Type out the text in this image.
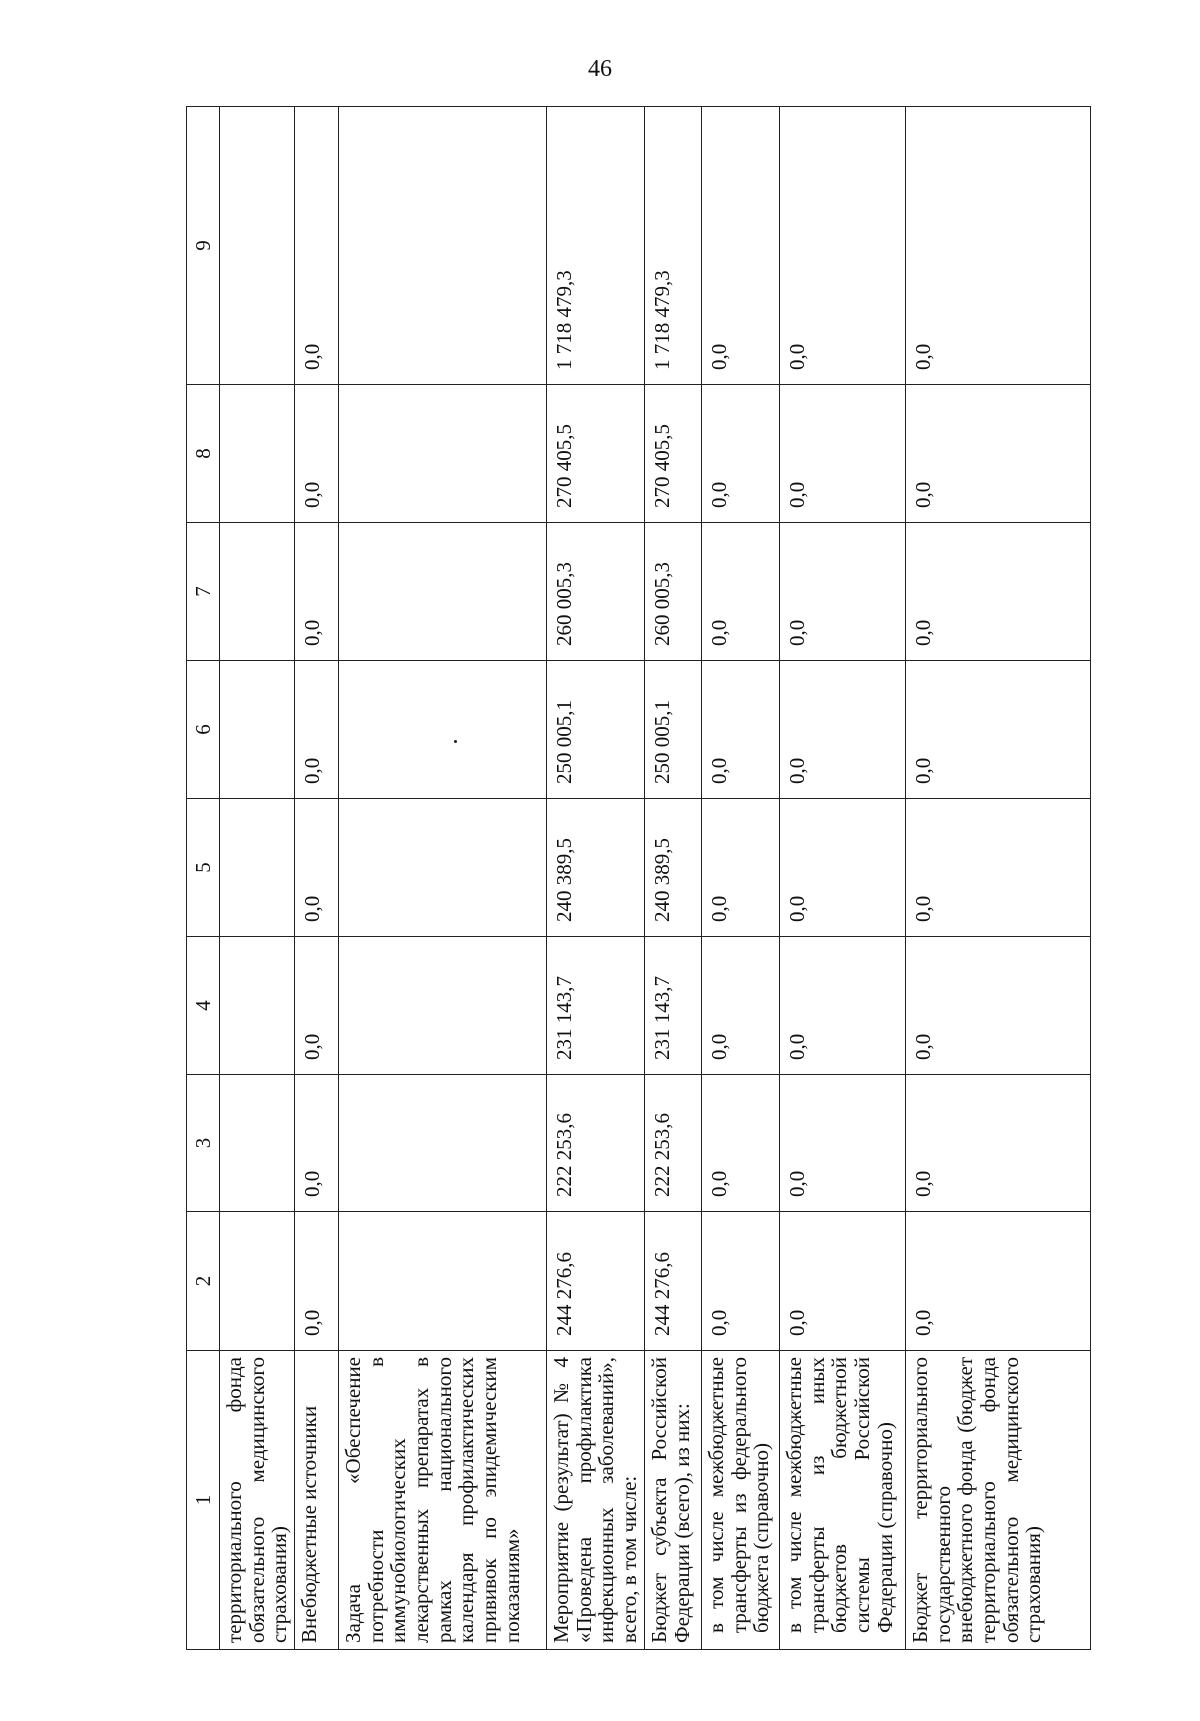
46
1	2	3	4	5	6	7	8	9
территориального фонда обязательного медицинского страхования)								
Внебюджетные источники	0,0	0,0	0,0	0,0	0,0	0,0	0,0	0,0
Задача «Обеспечение потребности в иммунобиологических лекарственных препаратах в рамках национального календаря профилактических прививок по эпидемическим показаниям»								
Мероприятие (результат) № 4 «Проведена профилактика инфекционных заболеваний», всего, в том числе:	244 276,6	222 253,6	231 143,7	240 389,5	250 005,1	260 005,3	270 405,5	1 718 479,3
Бюджет субъекта Российской Федерации (всего), из них:	244 276,6	222 253,6	231 143,7	240 389,5	250 005,1	260 005,3	270 405,5	1 718 479,3
в том числе межбюджетные трансферты из федерального бюджета (справочно)	0,0	0,0	0,0	0,0	0,0	0,0	0,0	0,0
в том числе межбюджетные трансферты из иных бюджетов бюджетной системы Российской Федерации (справочно)	0,0	0,0	0,0	0,0	0,0	0,0	0,0	0,0
Бюджет территориального государственного внебюджетного фонда (бюджет территориального фонда обязательного медицинского страхования)	0,0	0,0	0,0	0,0	0,0	0,0	0,0	0,0
